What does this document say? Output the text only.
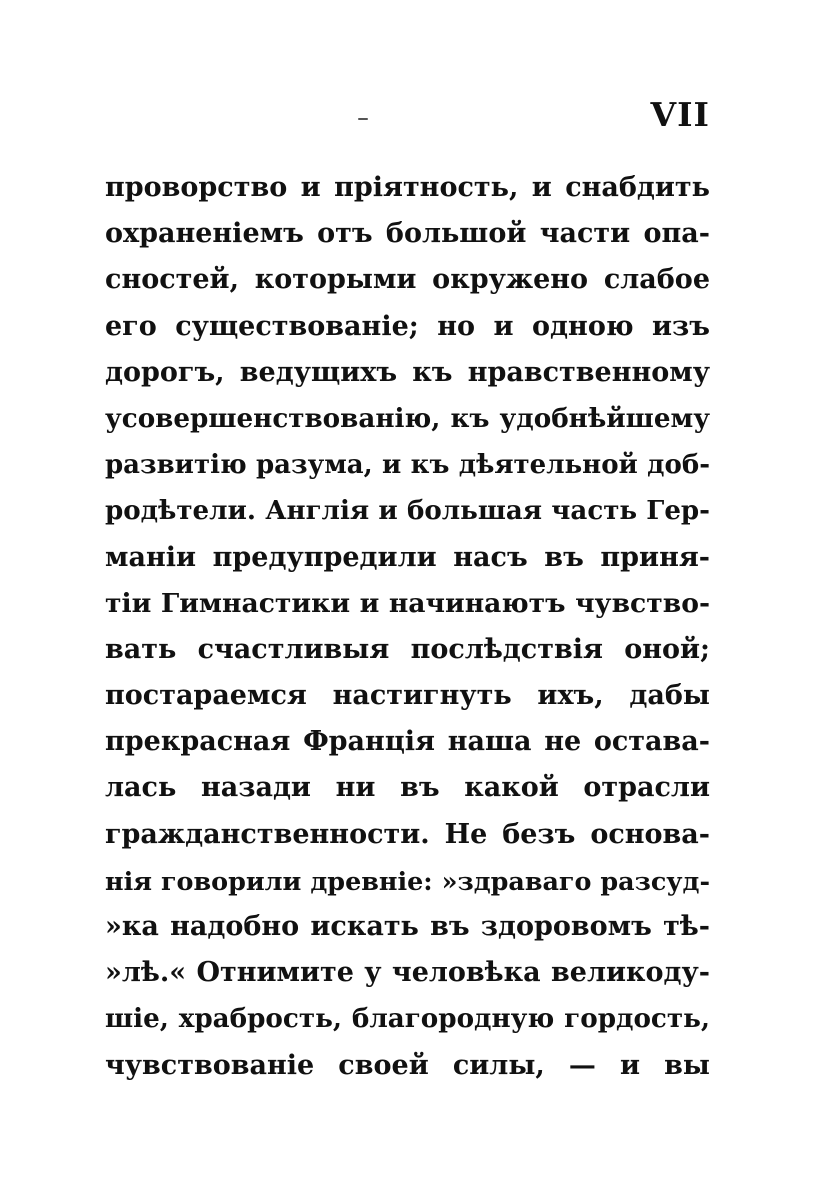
VII
проворство и прiятность, и снабдить
охраненiемъ отъ большой части опа-
сностей, которыми окружено слабое
его существованiе; но и одною изъ
дорогъ, ведущихъ къ нравственному
усовершенствованiю, къ удобнѣйшему
развитiю разума, и къ дѣятельной доб-
родѣтели. Англiя и большая часть Гер-
манiи предупредили насъ въ приня-
тiи Гимнастики и начинаютъ чувство-
вать счастливыя послѣдствiя оной;
постараемся настигнуть ихъ, дабы
прекрасная Францiя наша не остава-
лась назади ни въ какой отрасли
гражданственности. Не безъ основа-
нiя говорили древнiе: »здраваго разсуд-
»ка надобно искать въ здоровомъ тѣ-
»лѣ.« Отнимите у человѣка великоду-
шiе, храбрость, благородную гордость,
чувствованiе своей силы, — и вы
